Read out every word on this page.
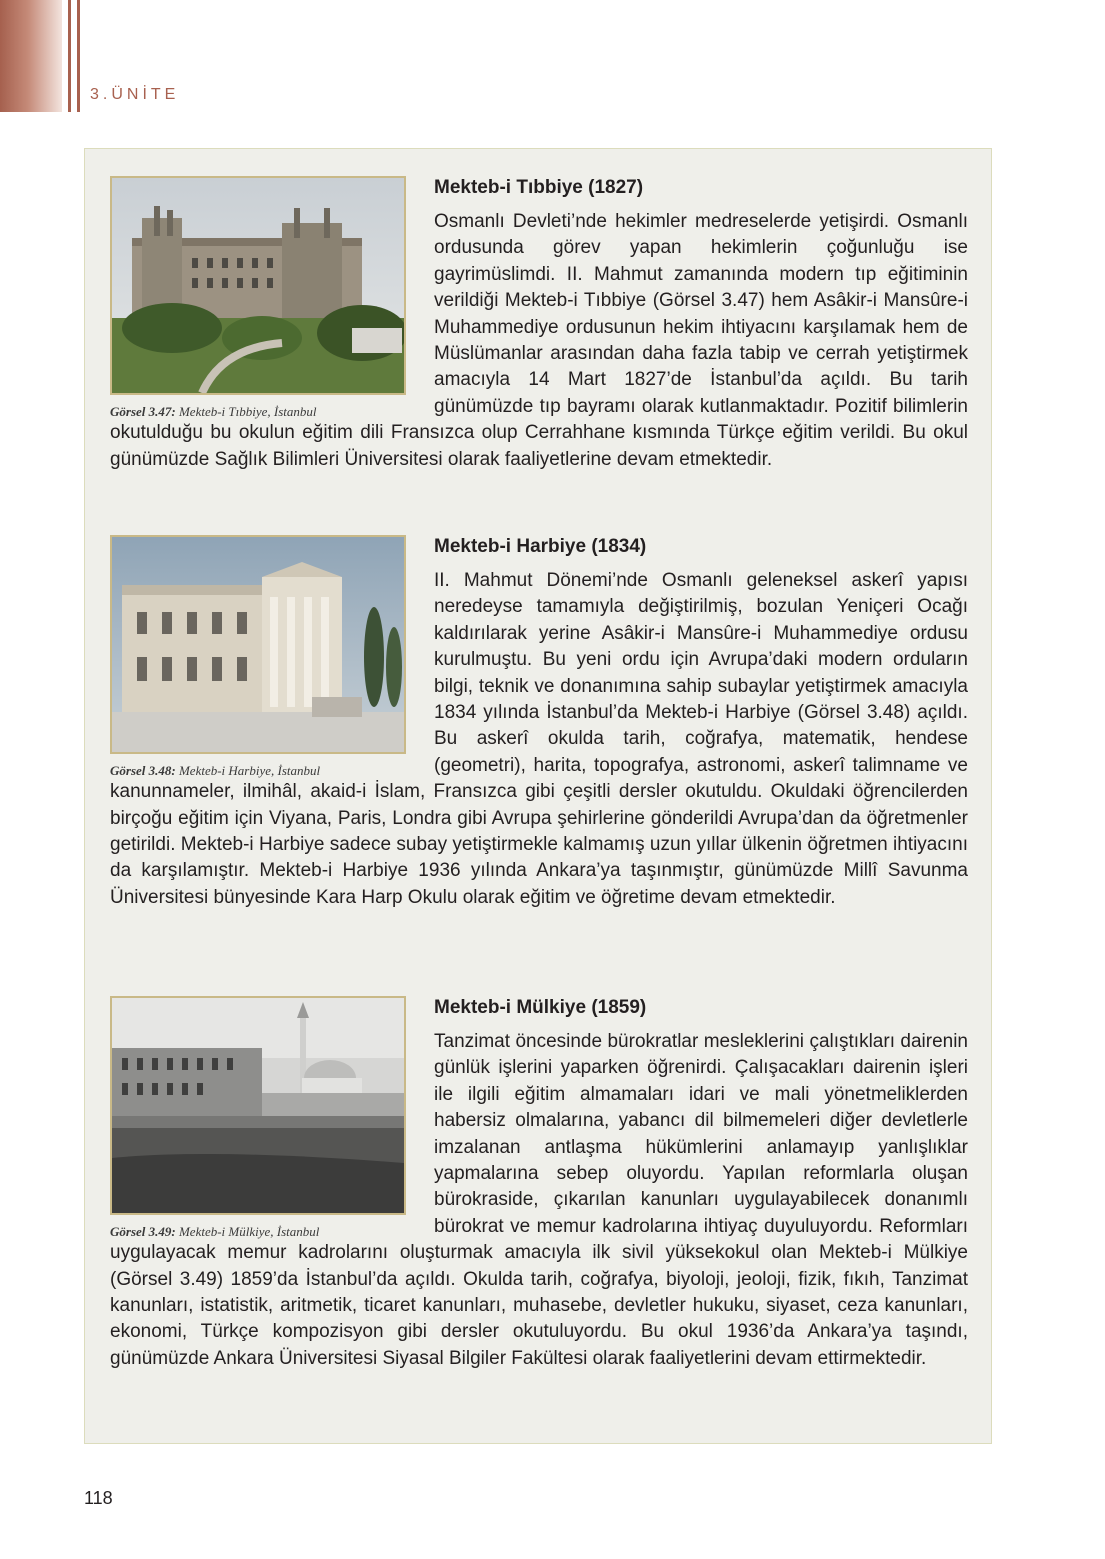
3.ÜNİTE
Görsel 3.47: Mekteb-i Tıbbiye, İstanbul
Mekteb-i Tıbbiye (1827)

Osmanlı Devleti’nde hekimler medreselerde yetişirdi. Osmanlı ordusunda görev yapan hekimlerin çoğunluğu ise gayrimüslimdi. II. Mahmut zamanında modern tıp eğitiminin verildiği Mekteb-i Tıbbiye (Görsel 3.47) hem Asâkir-i Mansûre-i Muhammediye ordusunun hekim ihtiyacını karşılamak hem de Müslümanlar arasından daha fazla tabip ve cerrah yetiştirmek amacıyla 14 Mart 1827’de İstanbul’da açıldı. Bu tarih günümüzde tıp bayramı olarak kutlanmaktadır. Pozitif bilimlerin okutulduğu bu okulun eğitim dili Fransızca olup Cerrahhane kısmında Türkçe eğitim verildi. Bu okul günümüzde Sağlık Bilimleri Üniversitesi olarak faaliyetlerine devam etmektedir.

Görsel 3.48: Mekteb-i Harbiye, İstanbul
Mekteb-i Harbiye (1834)

II. Mahmut Dönemi’nde Osmanlı geleneksel askerî yapısı neredeyse tamamıyla değiştirilmiş, bozulan Yeniçeri Ocağı kaldırılarak yerine Asâkir-i Mansûre-i Muhammediye ordusu kurulmuştu. Bu yeni ordu için Avrupa’daki modern orduların bilgi, teknik ve donanımına sahip subaylar yetiştirmek amacıyla 1834 yılında İstanbul’da Mekteb-i Harbiye (Görsel 3.48) açıldı. Bu askerî okulda tarih, coğrafya, matematik, hendese (geometri), harita, topografya, astronomi, askerî talimname ve kanunnameler, ilmihâl, akaid-i İslam, Fransızca gibi çeşitli dersler okutuldu. Okuldaki öğrencilerden birçoğu eğitim için Viyana, Paris, Londra gibi Avrupa şehirlerine gönderildi Avrupa’dan da öğretmenler getirildi. Mekteb-i Harbiye sadece subay yetiştirmekle kalmamış uzun yıllar ülkenin öğretmen ihtiyacını da karşılamıştır. Mekteb-i Harbiye 1936 yılında Ankara’ya taşınmıştır, günümüzde Millî Savunma Üniversitesi bünyesinde Kara Harp Okulu olarak eğitim ve öğretime devam etmektedir.

Görsel 3.49: Mekteb-i Mülkiye, İstanbul
Mekteb-i Mülkiye (1859)

Tanzimat öncesinde bürokratlar mesleklerini çalıştıkları dairenin günlük işlerini yaparken öğrenirdi. Çalışacakları dairenin işleri ile ilgili eğitim almamaları idari ve mali yönetmeliklerden habersiz olmalarına, yabancı dil bilmemeleri diğer devletlerle imzalanan antlaşma hükümlerini anlamayıp yanlışlıklar yapmalarına sebep oluyordu. Yapılan reformlarla oluşan bürokraside, çıkarılan kanunları uygulayabilecek donanımlı bürokrat ve memur kadrolarına ihtiyaç duyuluyordu. Reformları uygulayacak memur kadrolarını oluşturmak amacıyla ilk sivil yüksekokul olan Mekteb-i Mülkiye (Görsel 3.49) 1859’da İstanbul’da açıldı. Okulda tarih, coğrafya, biyoloji, jeoloji, fizik, fıkıh, Tanzimat kanunları, istatistik, aritmetik, ticaret kanunları, muhasebe, devletler hukuku, siyaset, ceza kanunları, ekonomi, Türkçe kompozisyon gibi dersler okutuluyordu. Bu okul 1936’da Ankara’ya taşındı, günümüzde Ankara Üniversitesi Siyasal Bilgiler Fakültesi olarak faaliyetlerini devam ettirmektedir.

118
